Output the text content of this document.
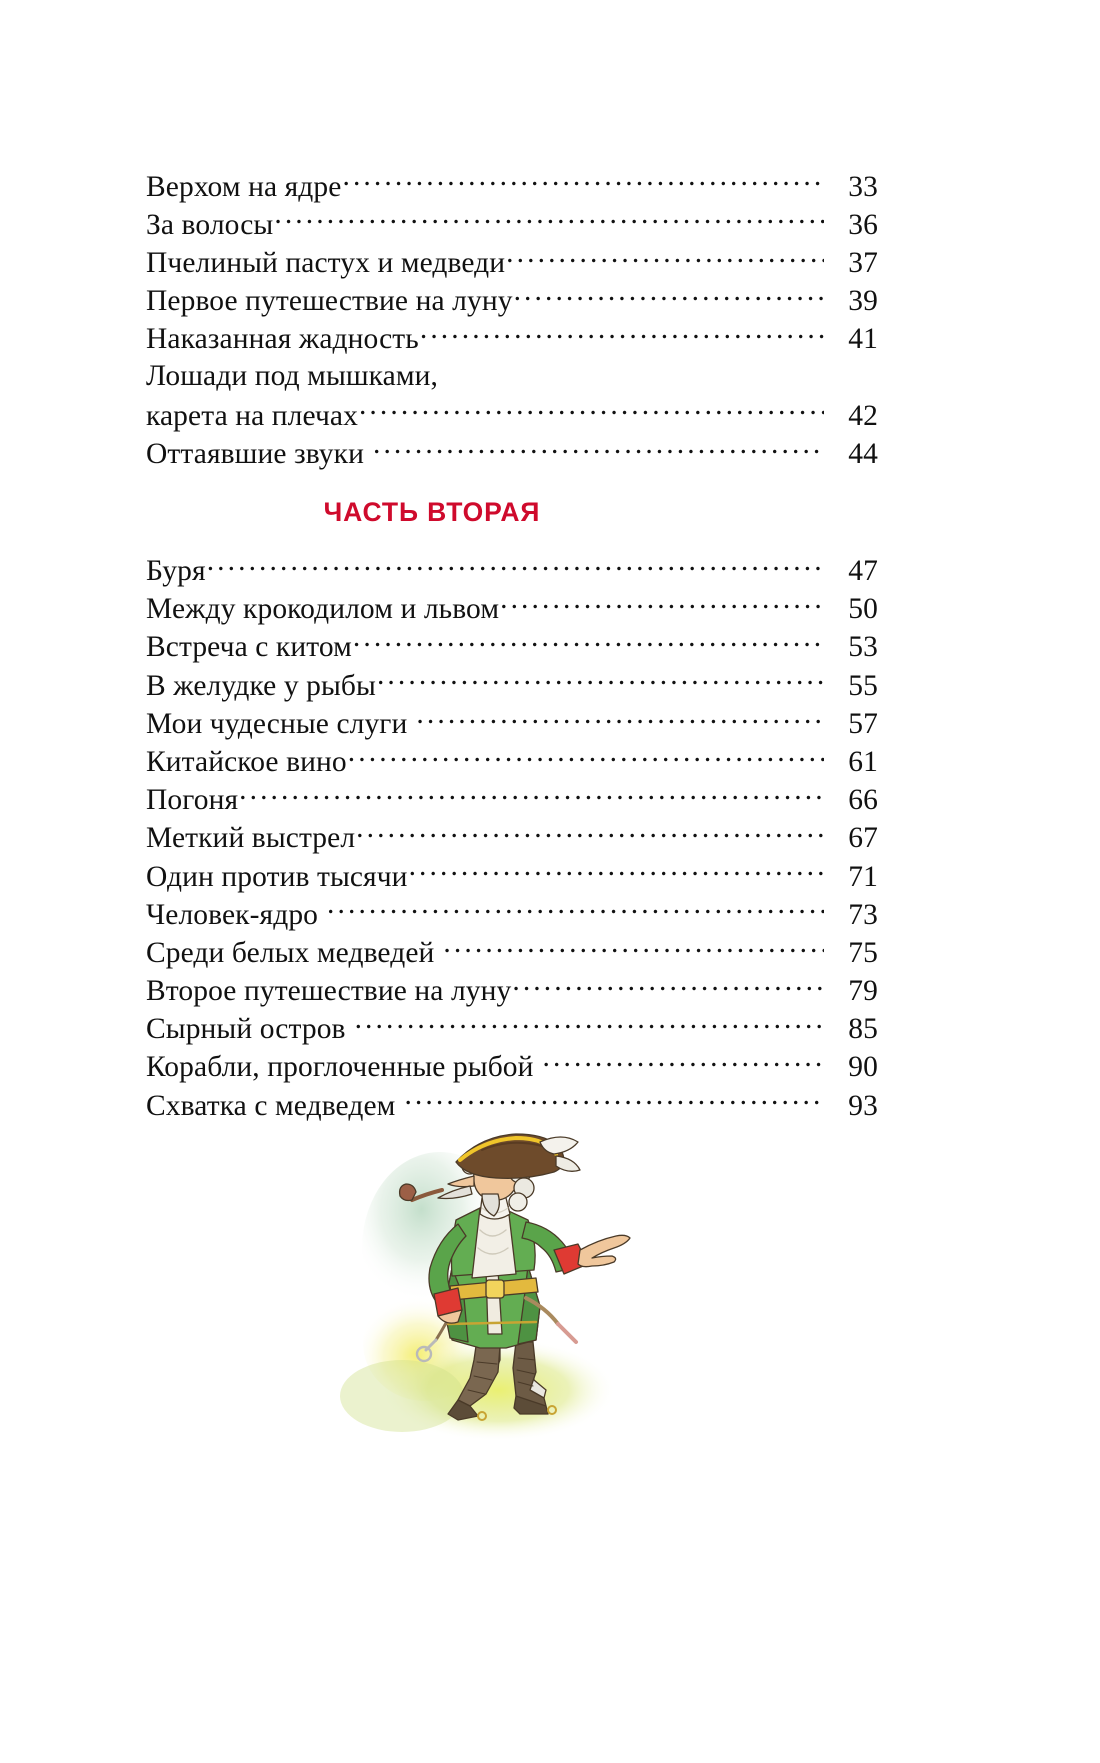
Верхом на ядре .....	33
За волосы .....	36
Пчелиный пастух и медведи .....	37
Первое путешествие на луну .....	39
Наказанная жадность .....	41
Лошади под мышками,
карета на плечах .....	42
Оттаявшие звуки .....	44
ЧАСТЬ ВТОРАЯ
Буря .....	47
Между крокодилом и львом .....	50
Встреча с китом .....	53
В желудке у рыбы .....	55
Мои чудесные слуги .....	57
Китайское вино .....	61
Погоня .....	66
Меткий выстрел .....	67
Один против тысячи .....	71
Человек-ядро .....	73
Среди белых медведей .....	75
Второе путешествие на луну .....	79
Сырный остров .....	85
Корабли, проглоченные рыбой .....	90
Схватка с медведем .....	93
